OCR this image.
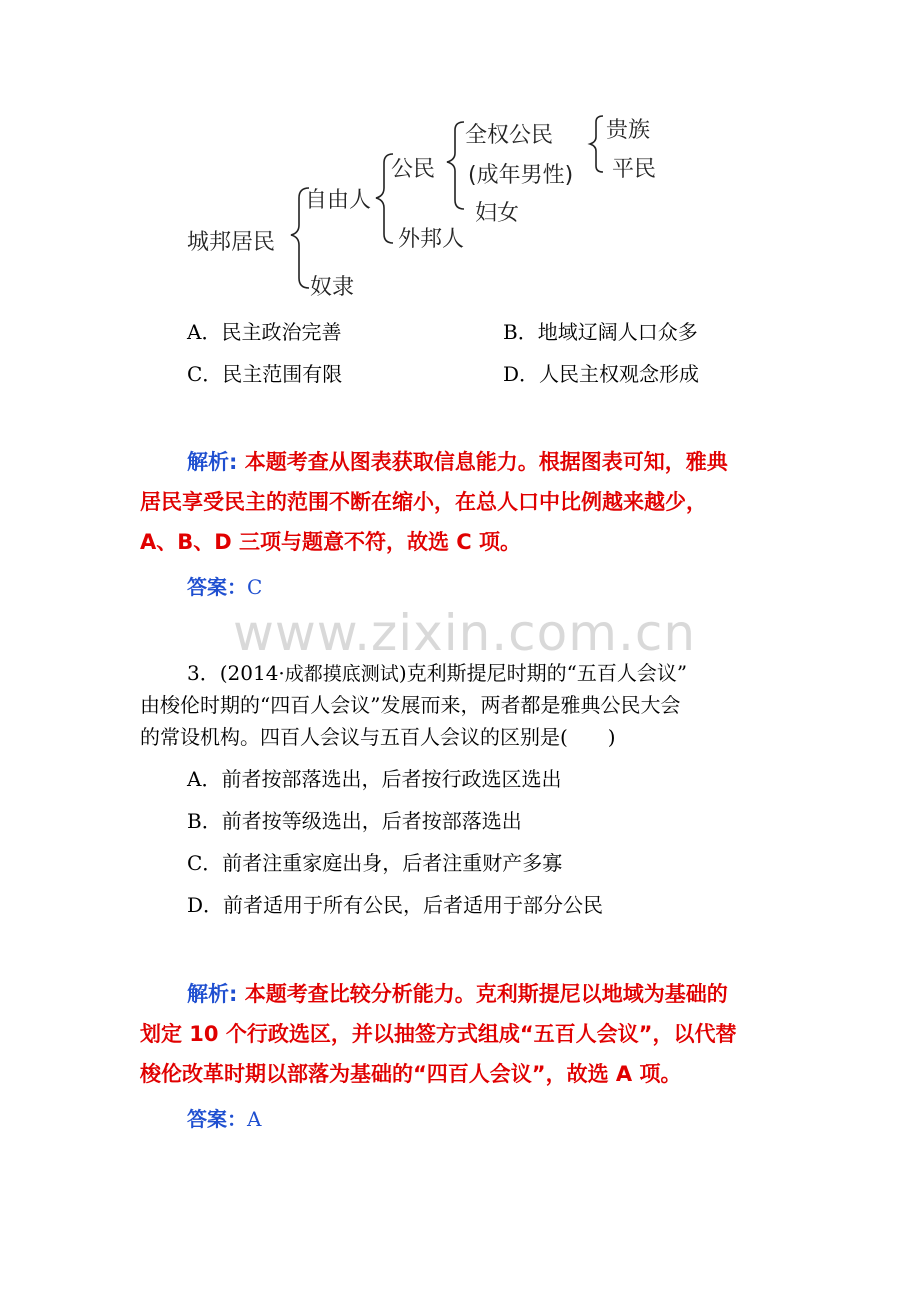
城邦居民
自由人
奴隶
公民
外邦人
全权公民
(成年男性)
妇女
贵族
平民
A．民主政治完善	B．地域辽阔人口众多
C．民主范围有限	D．人民主权观念形成
解析: 本题考查从图表获取信息能力。根据图表可知，雅典
居民享受民主的范围不断在缩小，在总人口中比例越来越少，
A、B、D 三项与题意不符，故选 C 项。
答案：C
www.zixin.com.cn
3．(2014·成都摸底测试)克利斯提尼时期的“五百人会议”
由梭伦时期的“四百人会议”发展而来，两者都是雅典公民大会
的常设机构。四百人会议与五百人会议的区别是(　　)
A．前者按部落选出，后者按行政选区选出
B．前者按等级选出，后者按部落选出
C．前者注重家庭出身，后者注重财产多寡
D．前者适用于所有公民，后者适用于部分公民
解析: 本题考查比较分析能力。克利斯提尼以地域为基础的
划定 10 个行政选区，并以抽签方式组成“五百人会议”，以代替
梭伦改革时期以部落为基础的“四百人会议”，故选 A 项。
答案：A
